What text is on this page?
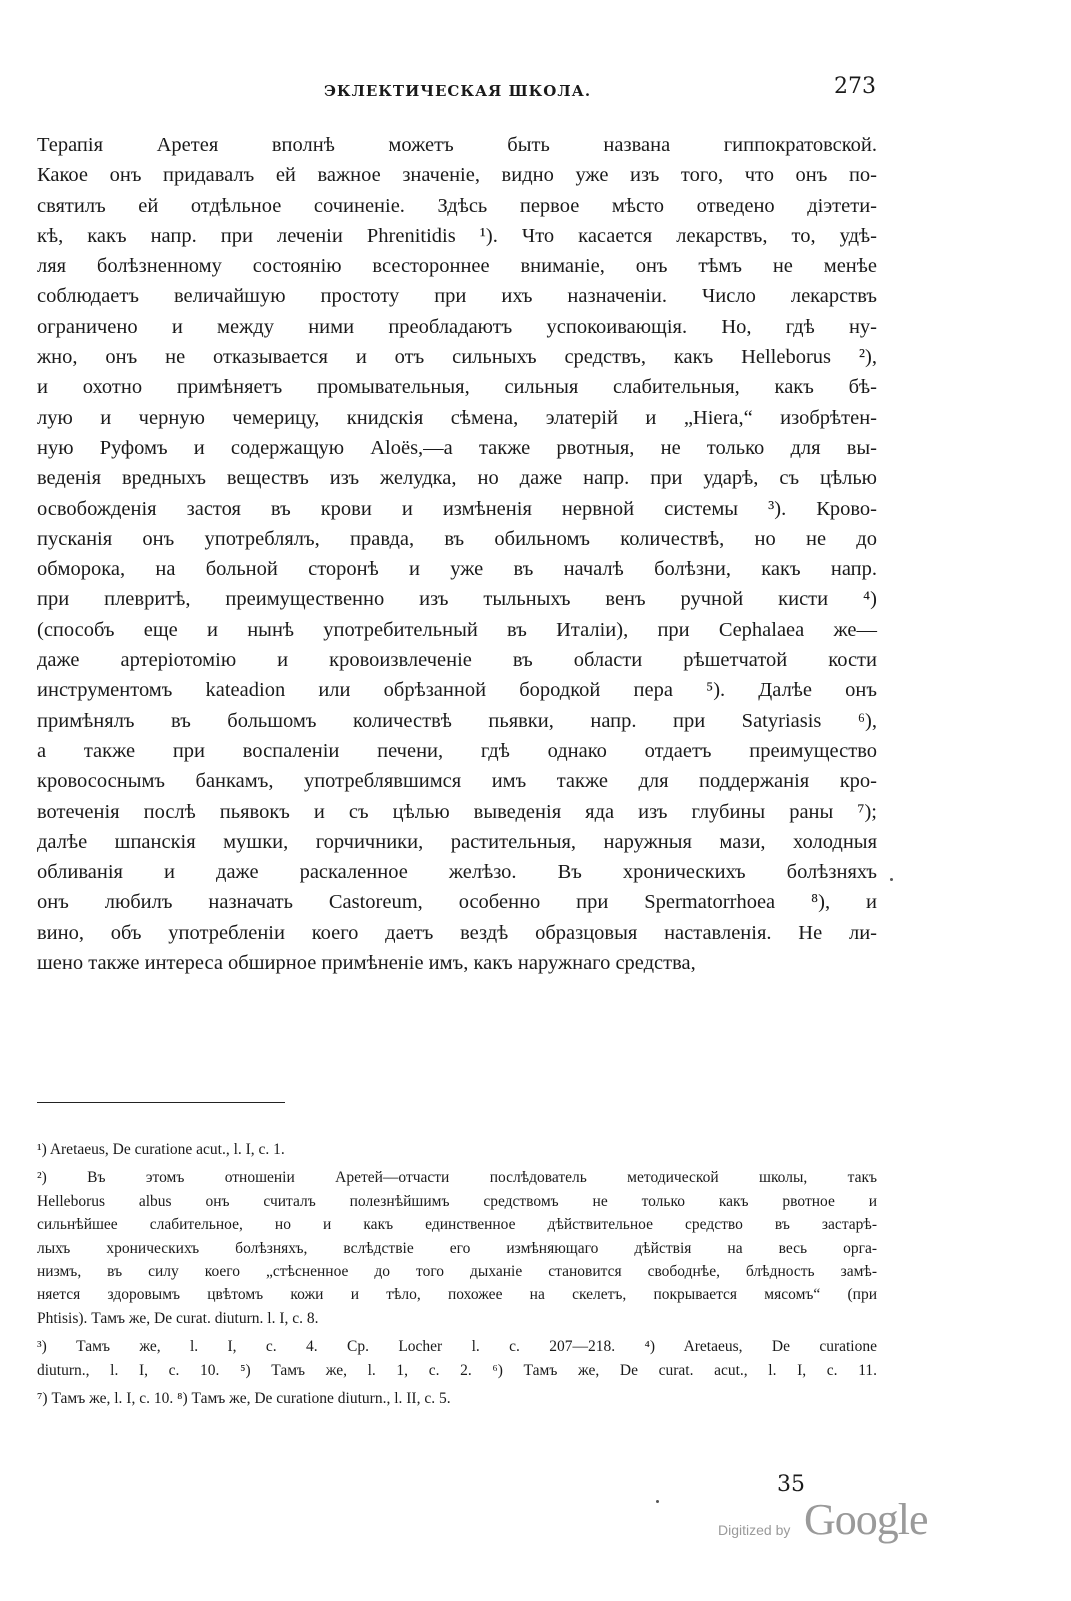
ЭКЛЕКТИЧЕСКАЯ ШКОЛА.	273
Терапія Аретея вполнѣ можетъ быть названа гиппократовской.
Какое онъ придавалъ ей важное значеніе, видно уже изъ того, что онъ по-
святилъ ей отдѣльное сочиненіе. Здѣсь первое мѣсто отведено діэтети-
кѣ, какъ напр. при леченіи Phrenitidis ¹). Что касается лекарствъ, то, удѣ-
ляя болѣзненному состоянію всестороннее вниманіе, онъ тѣмъ не менѣе
соблюдаетъ величайшую простоту при ихъ назначеніи. Число лекарствъ
ограничено и между ними преобладаютъ успокоивающія. Но, гдѣ ну-
жно, онъ не отказывается и отъ сильныхъ средствъ, какъ Helleborus ²),
и охотно примѣняетъ промывательныя, сильныя слабительныя, какъ бѣ-
лую и черную чемерицу, книдскія сѣмена, элатерій и „Hiera,“ изобрѣтен-
ную Руфомъ и содержащую Aloës,—а также рвотныя, не только для вы-
веденія вредныхъ веществъ изъ желудка, но даже напр. при ударѣ, съ цѣлью
освобожденія застоя въ крови и измѣненія нервной системы ³). Крово-
пусканія онъ употреблялъ, правда, въ обильномъ количествѣ, но не до
обморока, на больной сторонѣ и уже въ началѣ болѣзни, какъ напр.
при плевритѣ, преимущественно изъ тыльныхъ венъ ручной кисти ⁴)
(способъ еще и нынѣ употребительный въ Италіи), при Cephalaea же—
даже артеріотомію и кровоизвлеченіе въ области рѣшетчатой кости
инструментомъ kateadion или обрѣзанной бородкой пера ⁵). Далѣе онъ
примѣнялъ въ большомъ количествѣ пьявки, напр. при Satyriasis ⁶),
а также при воспаленіи печени, гдѣ однако отдаетъ преимущество
кровососнымъ банкамъ, употреблявшимся имъ также для поддержанія кро-
вотеченія послѣ пьявокъ и съ цѣлью выведенія яда изъ глубины раны ⁷);
далѣе шпанскія мушки, горчичники, растительныя, наружныя мази, холодныя
обливанія и даже раскаленное желѣзо. Въ хроническихъ болѣзняхъ
онъ любилъ назначать Castoreum, особенно при Spermatorrhoea ⁸), и
вино, объ употребленіи коего даетъ вездѣ образцовыя наставленія. Не ли-
шено также интереса обширное примѣненіе имъ, какъ наружнаго средства,
¹) Aretaeus, De curatione acut., l. I, c. 1.
²) Въ этомъ отношеніи Аретей—отчасти послѣдователь методической школы, такъ
Helleborus albus онъ считалъ полезнѣйшимъ средствомъ не только какъ рвотное и
сильнѣйшее слабительное, но и какъ единственное дѣйствительное средство въ застарѣ-
лыхъ хроническихъ болѣзняхъ, вслѣдствіе его измѣняющаго дѣйствія на весь орга-
низмъ, въ силу коего „стѣсненное до того дыханіе становится свободнѣе, блѣдность замѣ-
няется здоровымъ цвѣтомъ кожи и тѣло, похожее на скелетъ, покрывается мясомъ“ (при
Phtisis). Тамъ же, De curat. diuturn. l. I, c. 8.
³) Тамъ же, l. I, c. 4. Ср. Locher l. c. 207—218. ⁴) Aretaeus, De curatione
diuturn., l. I, c. 10. ⁵) Тамъ же, l. 1, c. 2. ⁶) Тамъ же, De curat. acut., l. I, c. 11.
⁷) Тамъ же, l. I, c. 10. ⁸) Тамъ же, De curatione diuturn., l. II, c. 5.
35
Digitized by Google
